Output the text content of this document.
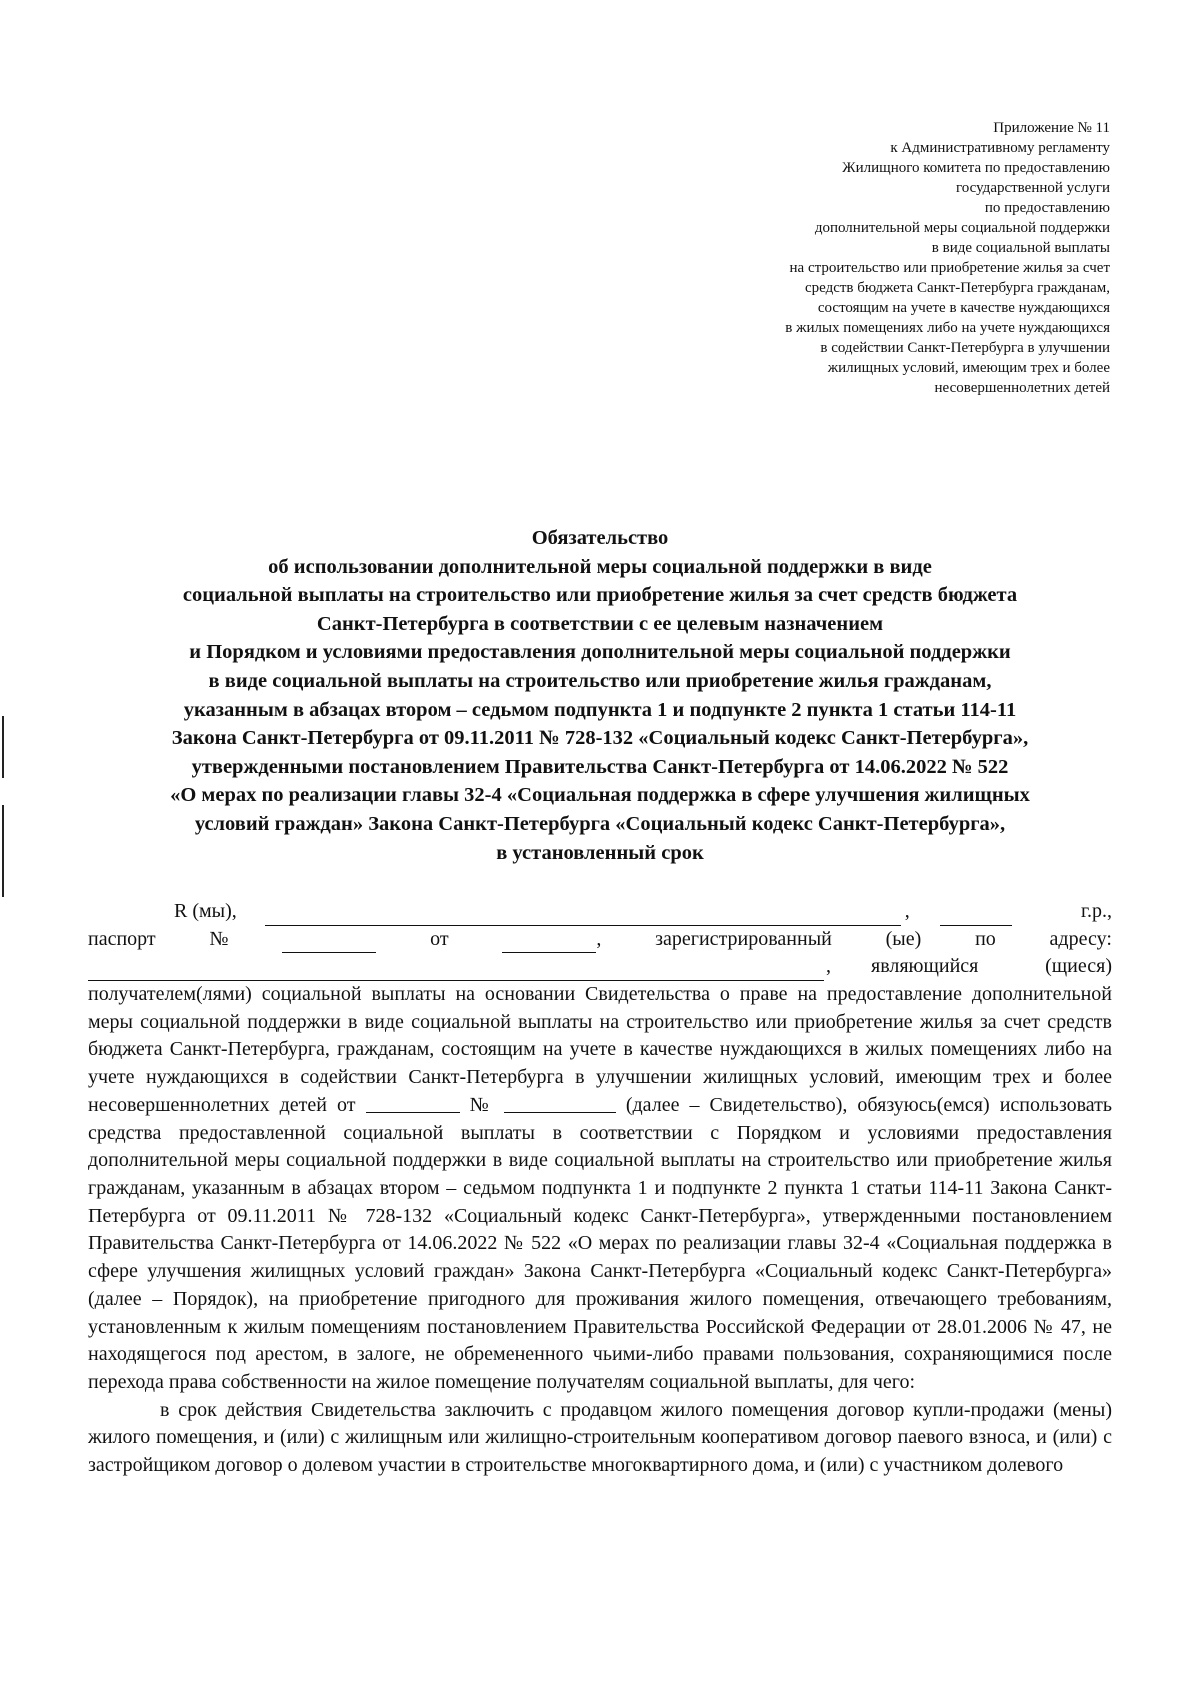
Приложение № 11
к Административному регламенту
Жилищного комитета по предоставлению
государственной услуги
по предоставлению
дополнительной меры социальной поддержки
в виде социальной выплаты
на строительство или приобретение жилья за счет
средств бюджета Санкт-Петербурга гражданам,
состоящим на учете в качестве нуждающихся
в жилых помещениях либо на учете нуждающихся
в содействии Санкт-Петербурга в улучшении
жилищных условий, имеющим трех и более
несовершеннолетних детей
Обязательство
об использовании дополнительной меры социальной поддержки в виде
социальной выплаты на строительство или приобретение жилья за счет средств бюджета
Санкт-Петербурга в соответствии с ее целевым назначением
и Порядком и условиями предоставления дополнительной меры социальной поддержки
в виде социальной выплаты на строительство или приобретение жилья гражданам,
указанным в абзацах втором – седьмом подпункта 1 и подпункте 2 пункта 1 статьи 114-11
Закона Санкт-Петербурга от 09.11.2011 № 728-132 «Социальный кодекс Санкт-Петербурга»,
утвержденными постановлением Правительства Санкт-Петербурга от 14.06.2022 № 522
«О мерах по реализации главы 32-4 «Социальная поддержка в сфере улучшения жилищных
условий граждан» Закона Санкт-Петербурга «Социальный кодекс Санкт-Петербурга»,
в установленный срок
R (мы),	,	г.р.,
паспорт	№	от	,	зарегистрированный	(ые)	по	адресу:
, являющийся	(щиеся)
получателем(лями) социальной выплаты на основании Свидетельства о праве на предоставление дополнительной меры социальной поддержки в виде социальной выплаты на строительство или приобретение жилья за счет средств бюджета Санкт-Петербурга, гражданам, состоящим на учете в качестве нуждающихся в жилых помещениях либо на учете нуждающихся в содействии Санкт-Петербурга в улучшении жилищных условий, имеющим трех и более несовершеннолетних детей от	№	(далее – Свидетельство), обязуюсь(емся) использовать средства предоставленной социальной выплаты в соответствии с Порядком и условиями предоставления дополнительной меры социальной поддержки в виде социальной выплаты на строительство или приобретение жилья гражданам, указанным в абзацах втором – седьмом подпункта 1 и подпункте 2 пункта 1 статьи 114-11 Закона Санкт-Петербурга от 09.11.2011 № 728-132 «Социальный кодекс Санкт-Петербурга», утвержденными постановлением Правительства Санкт-Петербурга от 14.06.2022 № 522 «О мерах по реализации главы 32-4 «Социальная поддержка в сфере улучшения жилищных условий граждан» Закона Санкт-Петербурга «Социальный кодекс Санкт-Петербурга» (далее – Порядок), на приобретение пригодного для проживания жилого помещения, отвечающего требованиям, установленным к жилым помещениям постановлением Правительства Российской Федерации от 28.01.2006 № 47, не находящегося под арестом, в залоге, не обремененного чьими-либо правами пользования, сохраняющимися после перехода права собственности на жилое помещение получателям социальной выплаты, для чего:
в срок действия Свидетельства заключить с продавцом жилого помещения договор купли-продажи (мены) жилого помещения, и (или) с жилищным или жилищно-строительным кооперативом договор паевого взноса, и (или) с застройщиком договор о долевом участии в строительстве многоквартирного дома, и (или) с участником долевого
